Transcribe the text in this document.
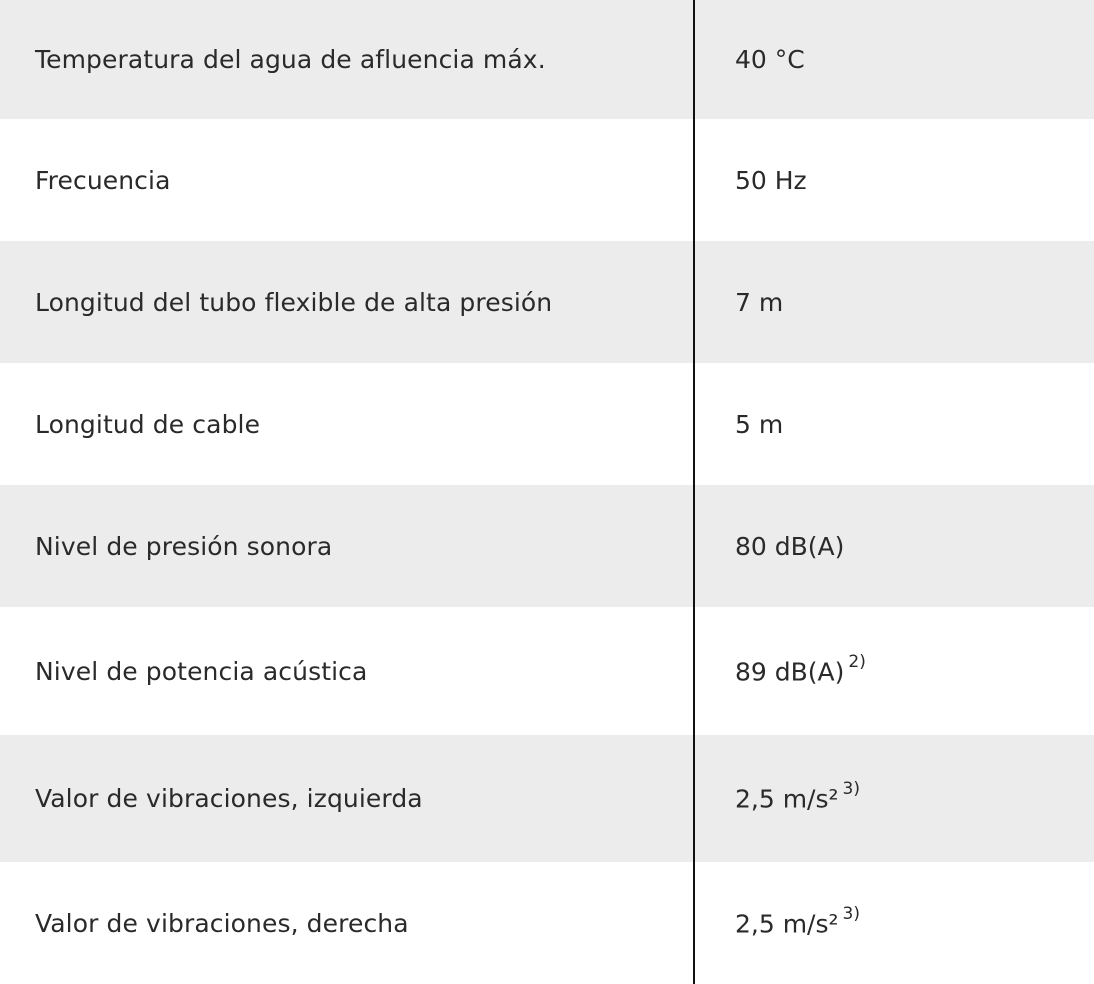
Temperatura del agua de afluencia máx.	40 °C
Frecuencia	50 Hz
Longitud del tubo flexible de alta presión	7 m
Longitud de cable	5 m
Nivel de presión sonora	80 dB(A)
Nivel de potencia acústica	89 dB(A) $^{2)}$
Valor de vibraciones, izquierda	2,5 m/s² $^{3)}$
Valor de vibraciones, derecha	2,5 m/s² $^{3)}$
